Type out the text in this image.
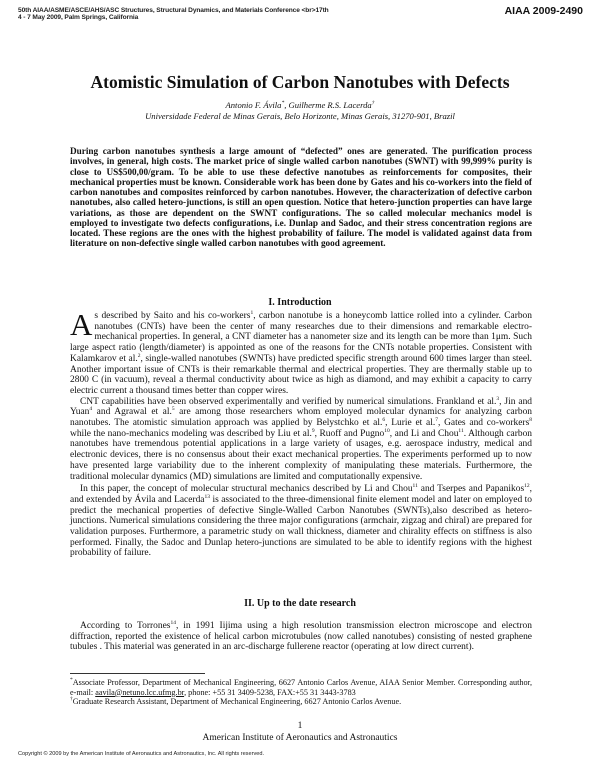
50th AIAA/ASME/ASCE/AHS/ASC Structures, Structural Dynamics, and Materials Conference <br>17th
4 - 7 May 2009, Palm Springs, California
AIAA 2009-2490
Atomistic Simulation of Carbon Nanotubes with Defects
Antonio F. Ávila*, Guilherme R.S. Lacerda†
Universidade Federal de Minas Gerais, Belo Horizonte, Minas Gerais, 31270-901, Brazil
During carbon nanotubes synthesis a large amount of “defected” ones are generated. The purification process involves, in general, high costs. The market price of single walled carbon nanotubes (SWNT) with 99,999% purity is close to US$500,00/gram. To be able to use these defective nanotubes as reinforcements for composites, their mechanical properties must be known. Considerable work has been done by Gates and his co-workers into the field of carbon nanotubes and composites reinforced by carbon nanotubes. However, the characterization of defective carbon nanotubes, also called hetero-junctions, is still an open question. Notice that hetero-junction properties can have large variations, as those are dependent on the SWNT configurations. The so called molecular mechanics model is employed to investigate two defects configurations, i.e. Dunlap and Sadoc, and their stress concentration regions are located. These regions are the ones with the highest probability of failure. The model is validated against data from literature on non-defective single walled carbon nanotubes with good agreement.
I. Introduction

As described by Saito and his co-workers$^1$, carbon nanotube is a honeycomb lattice rolled into a cylinder. Carbon nanotubes (CNTs) have been the center of many researches due to their dimensions and remarkable electro-mechanical properties. In general, a CNT diameter has a nanometer size and its length can be more than 1μm. Such large aspect ratio (length/diameter) is appointed as one of the reasons for the CNTs notable properties. Consistent with Kalamkarov et al.$^2$, single-walled nanotubes (SWNTs) have predicted specific strength around 600 times larger than steel. Another important issue of CNTs is their remarkable thermal and electrical properties. They are thermally stable up to 2800 C (in vacuum), reveal a thermal conductivity about twice as high as diamond, and may exhibit a capacity to carry electric current a thousand times better than copper wires.

CNT capabilities have been observed experimentally and verified by numerical simulations. Frankland et al.$^3$, Jin and Yuan$^4$ and Agrawal et al.$^5$ are among those researchers whom employed molecular dynamics for analyzing carbon nanotubes. The atomistic simulation approach was applied by Belystchko et al.$^6$, Lurie et al.$^7$, Gates and co-workers$^8$ while the nano-mechanics modeling was described by Liu et al.$^9$, Ruoff and Pugno$^{10}$, and Li and Chou$^{11}$. Although carbon nanotubes have tremendous potential applications in a large variety of usages, e.g. aerospace industry, medical and electronic devices, there is no consensus about their exact mechanical properties. The experiments performed up to now have presented large variability due to the inherent complexity of manipulating these materials. Furthermore, the traditional molecular dynamics (MD) simulations are limited and computationally expensive.

In this paper, the concept of molecular structural mechanics described by Li and Chou$^{11}$ and Tserpes and Papanikos$^{12}$, and extended by Ávila and Lacerda$^{13}$ is associated to the three-dimensional finite element model and later on employed to predict the mechanical properties of defective Single-Walled Carbon Nanotubes (SWNTs),also described as hetero-junctions. Numerical simulations considering the three major configurations (armchair, zigzag and chiral) are prepared for validation purposes. Furthermore, a parametric study on wall thickness, diameter and chirality effects on stiffness is also performed. Finally, the Sadoc and Dunlap hetero-junctions are simulated to be able to identify regions with the highest probability of failure.

II. Up to the date research

According to Torrones$^{14}$, in 1991 Iijima using a high resolution transmission electron microscope and electron diffraction, reported the existence of helical carbon microtubules (now called nanotubes) consisting of nested graphene tubules . This material was generated in an arc-discharge fullerene reactor (operating at low direct current).

*Associate Professor, Department of Mechanical Engineering, 6627 Antonio Carlos Avenue, AIAA Senior Member. Corresponding author, e-mail: aavila@netuno.lcc.ufmg.br, phone: +55 31 3409-5238, FAX:+55 31 3443-3783

†Graduate Research Assistant, Department of Mechanical Engineering, 6627 Antonio Carlos Avenue.

1
American Institute of Aeronautics and Astronautics
Copyright © 2009 by the American Institute of Aeronautics and Astronautics, Inc. All rights reserved.
